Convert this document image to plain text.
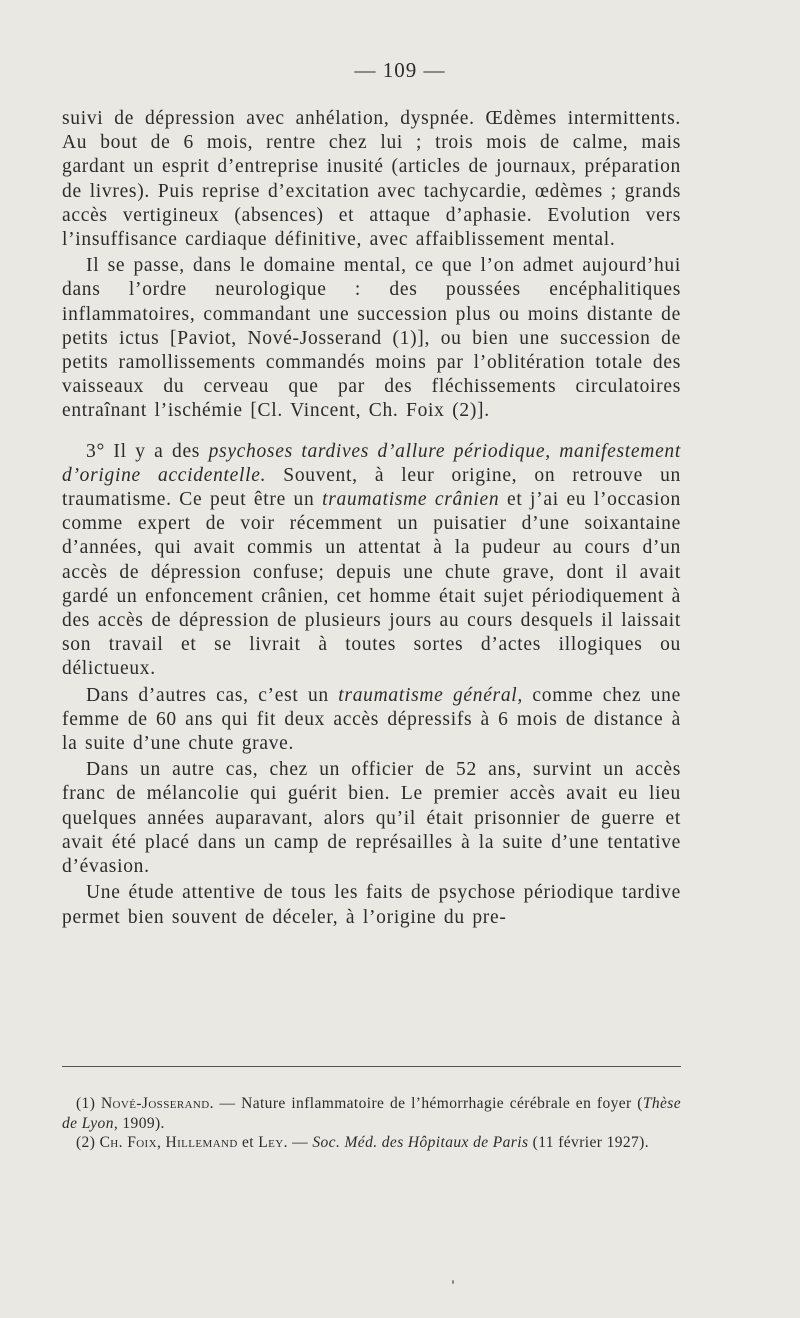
— 109 —

suivi de dépression avec anhélation, dyspnée. Œdèmes intermittents. Au bout de 6 mois, rentre chez lui ; trois mois de calme, mais gardant un esprit d’entreprise inusité (articles de journaux, préparation de livres). Puis reprise d’excitation avec tachycardie, œdèmes ; grands accès vertigineux (absences) et attaque d’aphasie. Evolution vers l’insuffisance cardiaque définitive, avec affaiblissement mental.

Il se passe, dans le domaine mental, ce que l’on admet aujourd’hui dans l’ordre neurologique : des poussées encéphalitiques inflammatoires, commandant une succession plus ou moins distante de petits ictus [Paviot, Nové-Josserand (1)], ou bien une succession de petits ramollissements commandés moins par l’oblitération totale des vaisseaux du cerveau que par des fléchissements circulatoires entraînant l’ischémie [Cl. Vincent, Ch. Foix (2)].

3° Il y a des psychoses tardives d’allure périodique, manifestement d’origine accidentelle. Souvent, à leur origine, on retrouve un traumatisme. Ce peut être un traumatisme crânien et j’ai eu l’occasion comme expert de voir récemment un puisatier d’une soixantaine d’années, qui avait commis un attentat à la pudeur au cours d’un accès de dépression confuse; depuis une chute grave, dont il avait gardé un enfoncement crânien, cet homme était sujet périodiquement à des accès de dépression de plusieurs jours au cours desquels il laissait son travail et se livrait à toutes sortes d’actes illogiques ou délictueux.

Dans d’autres cas, c’est un traumatisme général, comme chez une femme de 60 ans qui fit deux accès dépressifs à 6 mois de distance à la suite d’une chute grave.

Dans un autre cas, chez un officier de 52 ans, survint un accès franc de mélancolie qui guérit bien. Le premier accès avait eu lieu quelques années auparavant, alors qu’il était prisonnier de guerre et avait été placé dans un camp de représailles à la suite d’une tentative d’évasion.

Une étude attentive de tous les faits de psychose périodique tardive permet bien souvent de déceler, à l’origine du pre-

(1) Nové-Josserand. — Nature inflammatoire de l’hémorrhagie cérébrale en foyer (Thèse de Lyon, 1909).

(2) Ch. Foix, Hillemand et Ley. — Soc. Méd. des Hôpitaux de Paris (11 février 1927).
